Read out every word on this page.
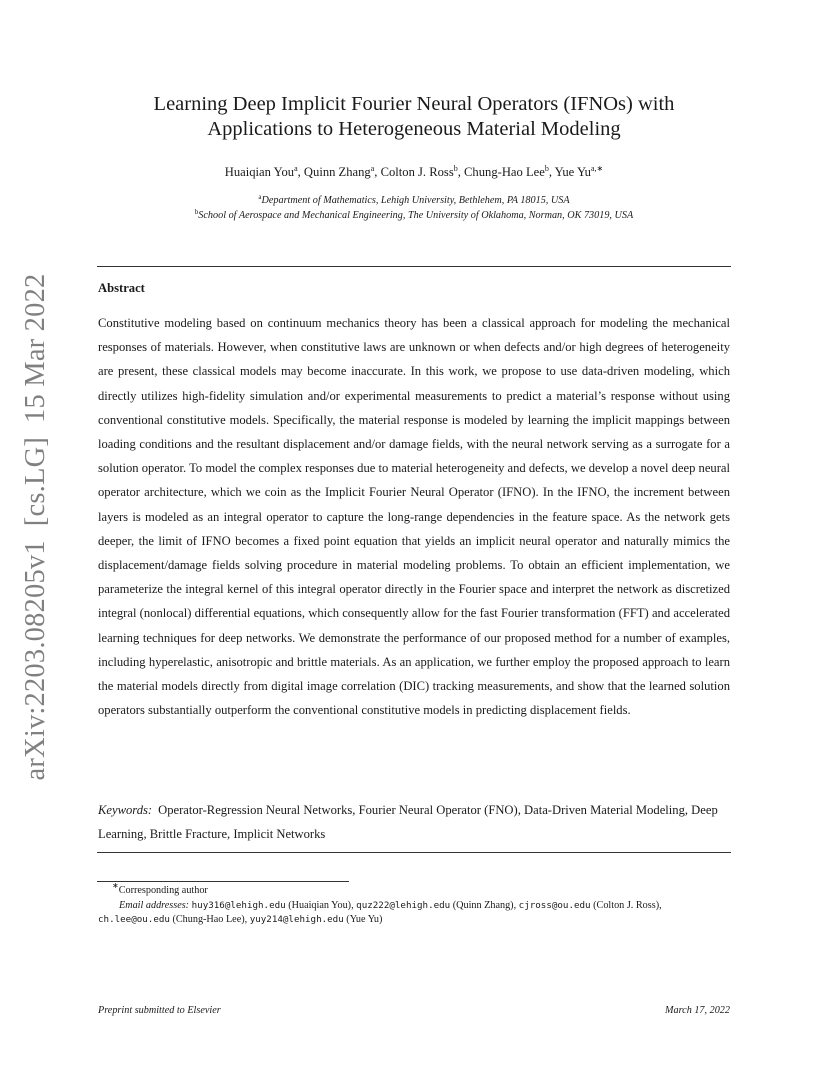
arXiv:2203.08205v1[cs.LG]15 Mar 2022
Learning Deep Implicit Fourier Neural Operators (IFNOs) with
Applications to Heterogeneous Material Modeling
Huaiqian You$^a$, Quinn Zhang$^a$, Colton J. Ross$^b$, Chung-Hao Lee$^b$, Yue $Yu^{a,∗}$
$^a$Department of Mathematics, Lehigh University, Bethlehem, PA 18015, USA
$^b$School of Aerospace and Mechanical Engineering, The University of Oklahoma, Norman, OK 73019, USA
Abstract

Constitutive modeling based on continuum mechanics theory has been a classical approach for modeling the mechanical responses of materials. However, when constitutive laws are unknown or when defects and/or high degrees of heterogeneity are present, these classical models may become inaccurate. In this work, we propose to use data-driven modeling, which directly utilizes high-fidelity simulation and/or experimental measurements to predict a material’s response without using conventional constitutive models. Specifically, the material response is modeled by learning the implicit mappings between loading conditions and the resultant displacement and/or damage fields, with the neural network serving as a surrogate for a solution operator. To model the complex responses due to material heterogeneity and defects, we develop a novel deep neural operator architecture, which we coin as the Implicit Fourier Neural Operator (IFNO). In the IFNO, the increment between layers is modeled as an integral operator to capture the long-range dependencies in the feature space. As the network gets deeper, the limit of IFNO becomes a fixed point equation that yields an implicit neural operator and naturally mimics the displacement/damage fields solving procedure in material modeling problems. To obtain an efficient implementation, we parameterize the integral kernel of this integral operator directly in the Fourier space and interpret the network as discretized integral (nonlocal) differential equations, which consequently allow for the fast Fourier transformation (FFT) and accelerated learning techniques for deep networks. We demonstrate the performance of our proposed method for a number of examples, including hyperelastic, anisotropic and brittle materials. As an application, we further employ the proposed approach to learn the material models directly from digital image correlation (DIC) tracking measurements, and show that the learned solution operators substantially outperform the conventional constitutive models in predicting displacement fields.

Keywords: Operator-Regression Neural Networks, Fourier Neural Operator (FNO), Data-Driven Material Modeling, Deep Learning, Brittle Fracture, Implicit Networks

∗Corresponding author

Email addresses: huy316@lehigh.edu (Huaiqian You), quz222@lehigh.edu (Quinn Zhang), cjross@ou.edu (Colton J. Ross), ch.lee@ou.edu (Chung-Hao Lee), yuy214@lehigh.edu (Yue Yu)

Preprint submitted to Elsevier	March 17, 2022
